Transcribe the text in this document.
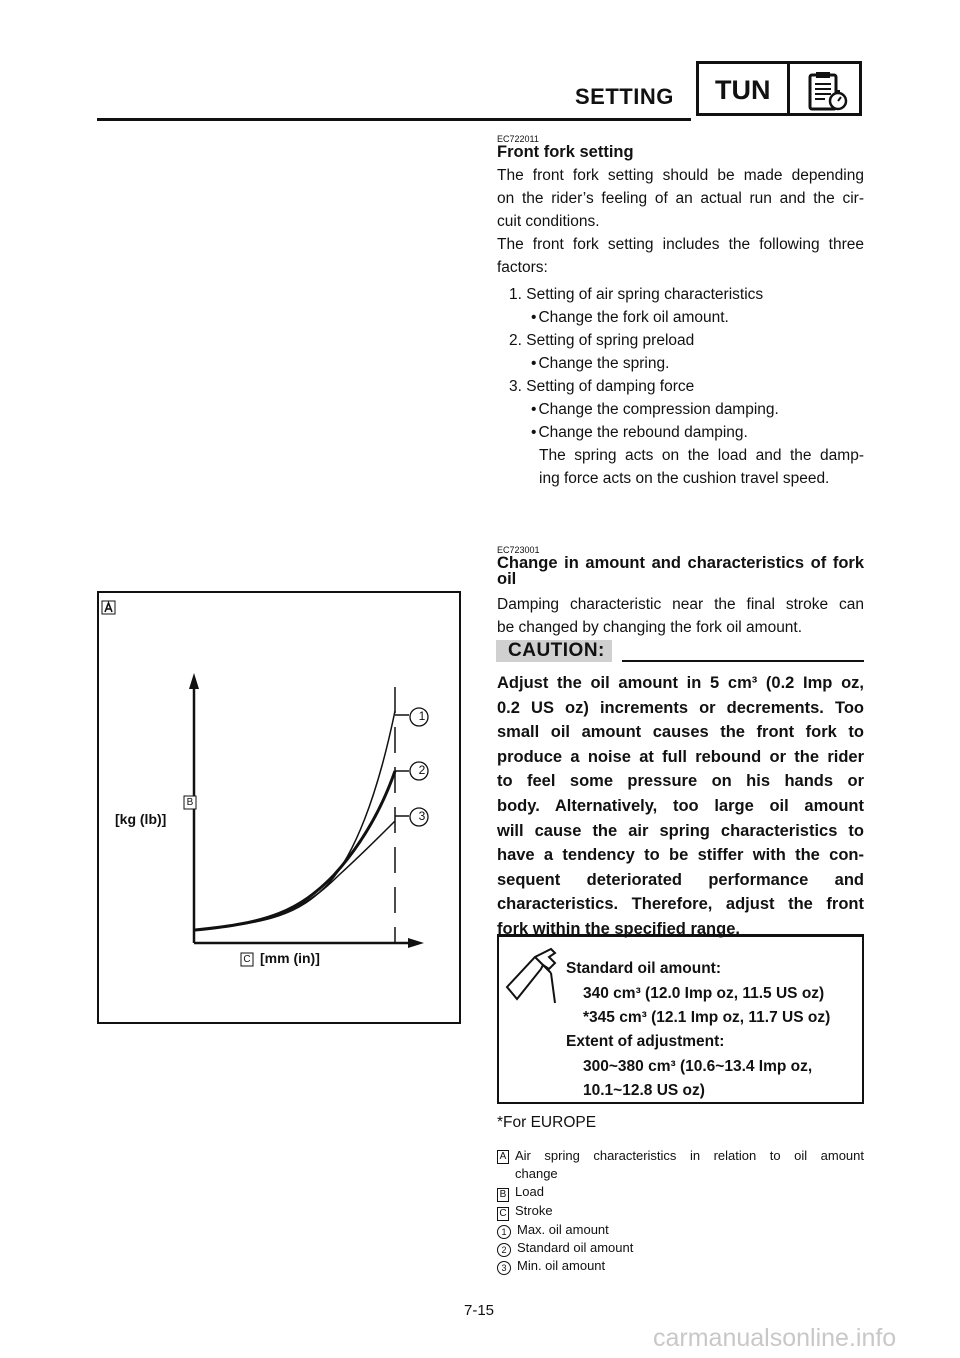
SETTING TUN
EC722011
Front fork setting
The front fork setting should be made depending
on the rider’s feeling of an actual run and the cir-
cuit conditions.
The front fork setting includes the following three
factors:
1. Setting of air spring characteristics
• Change the fork oil amount.
2. Setting of spring preload
• Change the spring.
3. Setting of damping force
• Change the compression damping.
• Change the rebound damping.
The spring acts on the load and the damp-
ing force acts on the cushion travel speed.
EC723001
Change in amount and characteristics of fork
oil
Damping characteristic near the final stroke can
be changed by changing the fork oil amount.
CAUTION:
Adjust the oil amount in 5 cm³ (0.2 Imp oz,
0.2 US oz) increments or decrements. Too
small oil amount causes the front fork to
produce a noise at full rebound or the rider
to feel some pressure on his hands or
body. Alternatively, too large oil amount
will cause the air spring characteristics to
have a tendency to be stiffer with the con-
sequent deteriorated performance and
characteristics. Therefore, adjust the front
fork within the specified range.
Standard oil amount:
340 cm³ (12.0 Imp oz, 11.5 US oz)
*345 cm³ (12.1 Imp oz, 11.7 US oz)
Extent of adjustment:
300~380 cm³ (10.6~13.4 Imp oz,
10.1~12.8 US oz)
*For EUROPE
A Air spring characteristics in relation to oil amount
change
B Load
C Stroke
1 Max. oil amount
2 Standard oil amount
3 Min. oil amount
1
2
3
B
[kg (lb)]
C [mm (in)]
7-15
carmanualsonline.info
